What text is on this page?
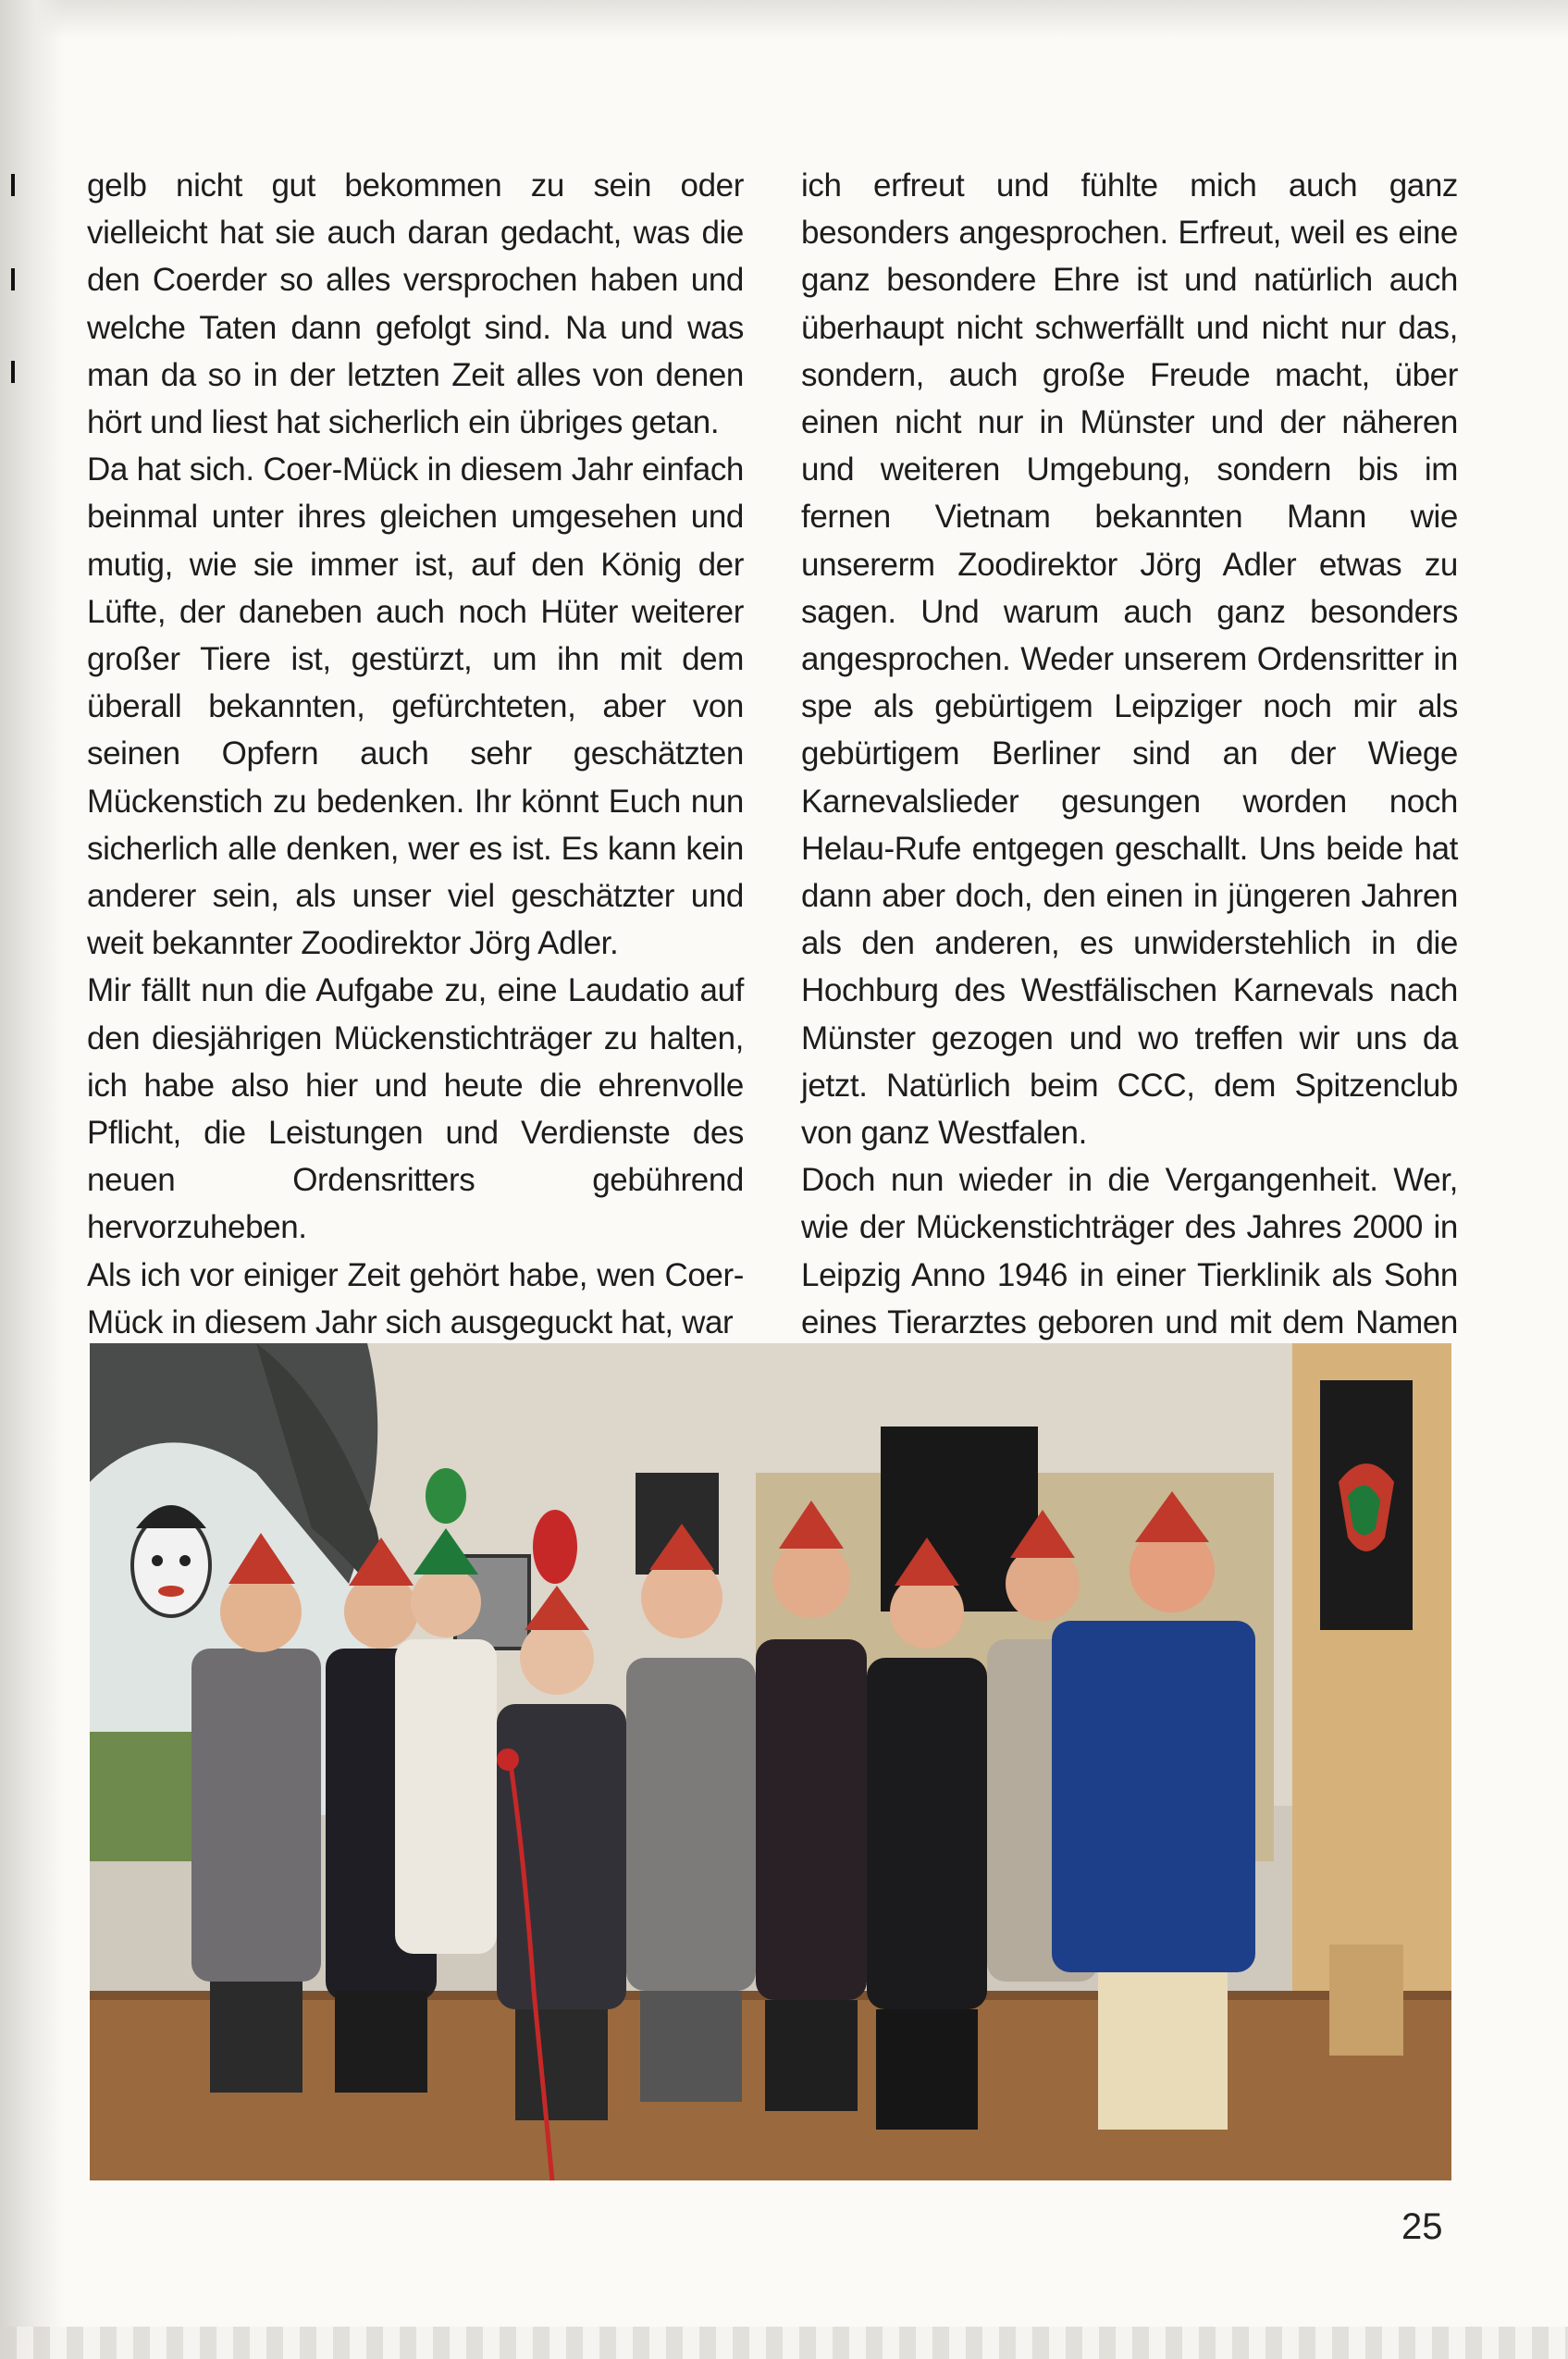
gelb nicht gut bekommen zu sein oder vielleicht hat sie auch daran gedacht, was die den Coerder so alles versprochen haben und welche Taten dann gefolgt sind. Na und was man da so in der letzten Zeit alles von denen hört und liest hat sicherlich ein übriges getan.

Da hat sich. Coer-Mück in diesem Jahr einfach beinmal unter ihres gleichen umgesehen und mutig, wie sie immer ist, auf den König der Lüfte, der daneben auch noch Hüter weiterer großer Tiere ist, gestürzt, um ihn mit dem überall bekannten, gefürchteten, aber von seinen Opfern auch sehr geschätzten Mückenstich zu bedenken. Ihr könnt Euch nun sicherlich alle denken, wer es ist. Es kann kein anderer sein, als unser viel geschätzter und weit bekannter Zoodirektor Jörg Adler.

Mir fällt nun die Aufgabe zu, eine Laudatio auf den diesjährigen Mückenstichträger zu halten, ich habe also hier und heute die ehrenvolle Pflicht, die Leistungen und Verdienste des neuen Ordensritters gebührend hervorzuheben.

Als ich vor einiger Zeit gehört habe, wen Coer-Mück in diesem Jahr sich ausgeguckt hat, war

ich erfreut und fühlte mich auch ganz besonders angesprochen. Erfreut, weil es eine ganz besondere Ehre ist und natürlich auch überhaupt nicht schwerfällt und nicht nur das, sondern, auch große Freude macht, über einen nicht nur in Münster und der näheren und weiteren Umgebung, sondern bis im fernen Vietnam bekannten Mann wie unsererm Zoodirektor Jörg Adler etwas zu sagen. Und warum auch ganz besonders angesprochen. Weder unserem Ordensritter in spe als gebürtigem Leipziger noch mir als gebürtigem Berliner sind an der Wiege Karnevalslieder gesungen worden noch Helau-Rufe entgegen geschallt. Uns beide hat dann aber doch, den einen in jüngeren Jahren als den anderen, es unwiderstehlich in die Hochburg des Westfälischen Karnevals nach Münster gezogen und wo treffen wir uns da jetzt. Natürlich beim CCC, dem Spitzenclub von ganz Westfalen.

Doch nun wieder in die Vergangenheit. Wer, wie der Mückenstichträger des Jahres 2000 in Leipzig Anno 1946 in einer Tierklinik als Sohn eines Tierarztes geboren und mit dem Namen

25
